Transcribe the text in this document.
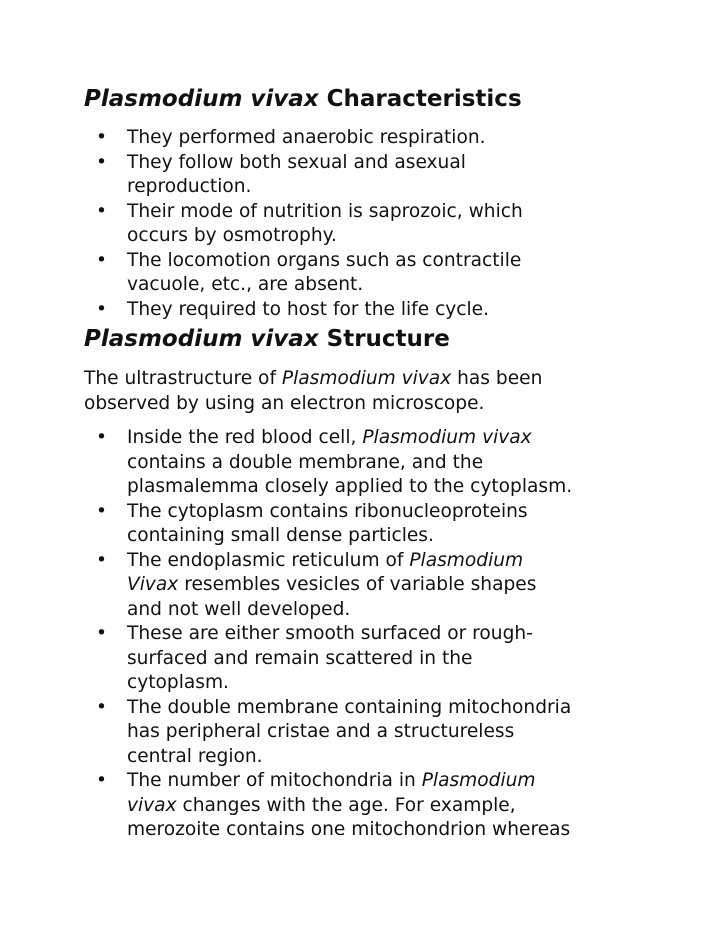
Plasmodium vivax Characteristics
• They performed anaerobic respiration.
• They follow both sexual and asexual
reproduction.
• Their mode of nutrition is saprozoic, which
occurs by osmotrophy.
• The locomotion organs such as contractile
vacuole, etc., are absent.
• They required to host for the life cycle.
Plasmodium vivax Structure

The ultrastructure of Plasmodium vivax has been
observed by using an electron microscope.

• Inside the red blood cell, Plasmodium vivax
contains a double membrane, and the
plasmalemma closely applied to the cytoplasm.
• The cytoplasm contains ribonucleoproteins
containing small dense particles.
• The endoplasmic reticulum of Plasmodium
Vivax resembles vesicles of variable shapes
and not well developed.
• These are either smooth surfaced or rough-
surfaced and remain scattered in the
cytoplasm.
• The double membrane containing mitochondria
has peripheral cristae and a structureless
central region.
• The number of mitochondria in Plasmodium
vivax changes with the age. For example,
merozoite contains one mitochondrion whereas
